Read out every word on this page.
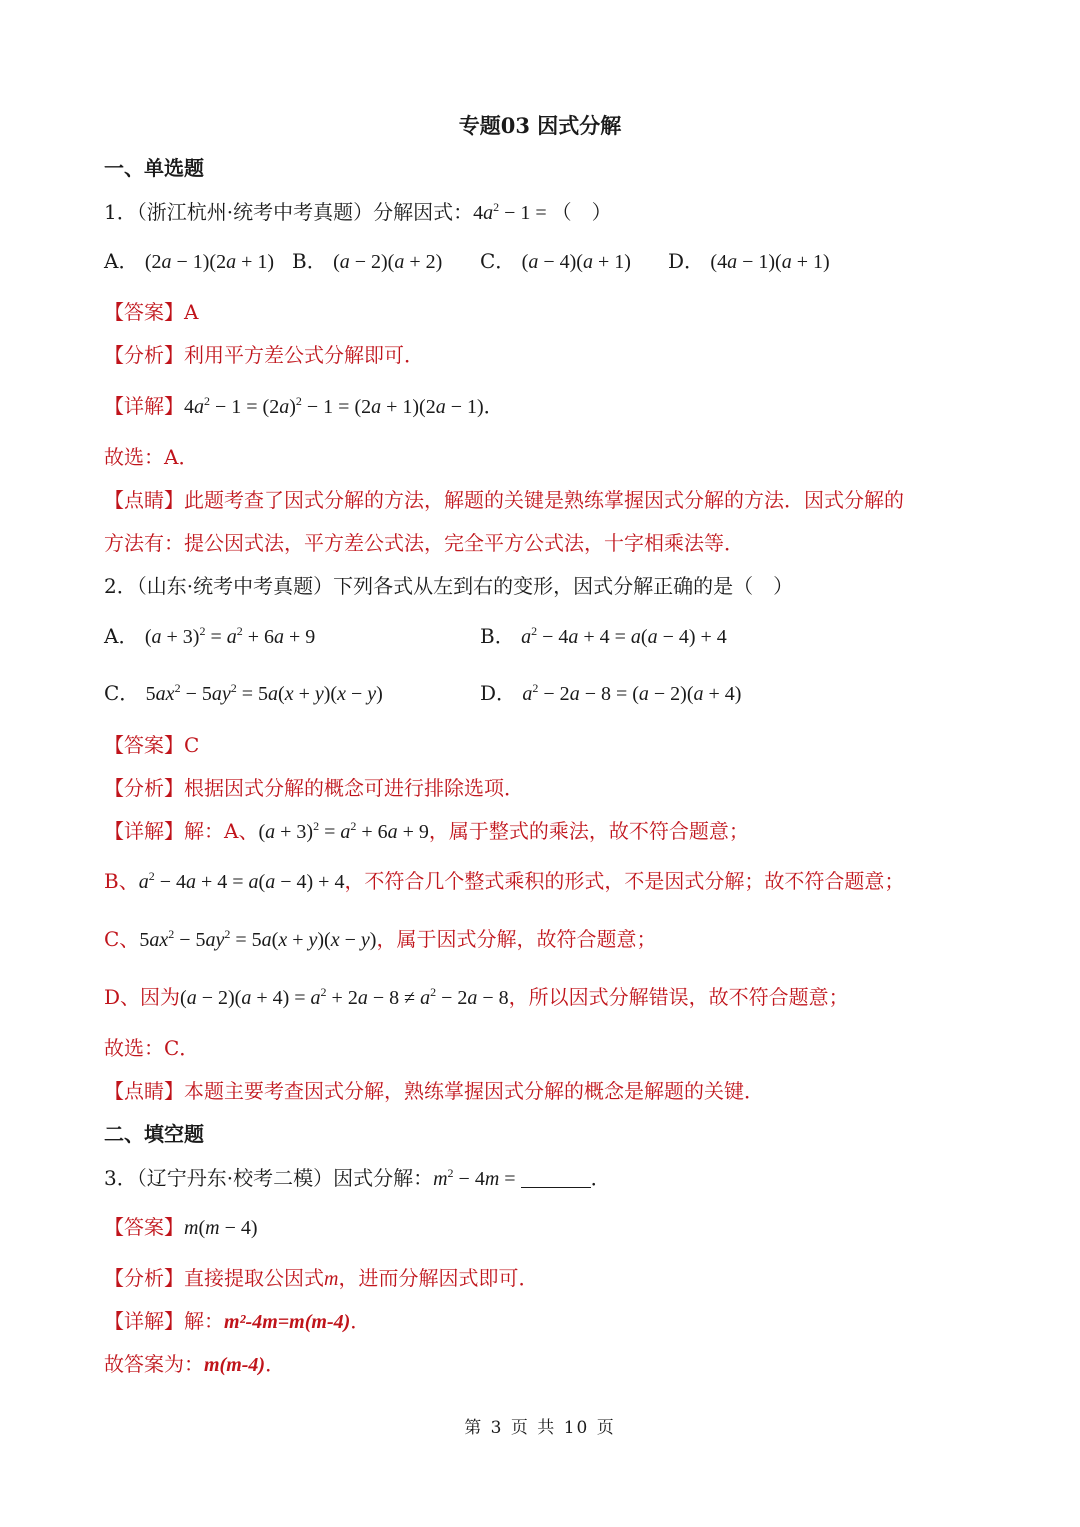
专题03 因式分解
一、单选题
1．（浙江杭州·统考中考真题）分解因式：$4a^2 - 1$ = （　）
A． (2a − 1)(2a + 1) B． (a − 2)(a + 2) C． (a − 4)(a + 1) D． (4a − 1)(a + 1)
【答案】A
【分析】利用平方差公式分解即可．
【详解】$4a^2 - 1 = (2a)^2 - 1 = (2a + 1)(2a - 1)$．
故选：A．
【点睛】此题考查了因式分解的方法，解题的关键是熟练掌握因式分解的方法．因式分解的
方法有：提公因式法，平方差公式法，完全平方公式法，十字相乘法等．
2．（山东·统考中考真题）下列各式从左到右的变形，因式分解正确的是（　）
A． $(a + 3)^2 = a^2 + 6a + 9$	B． $a^2 - 4a + 4 = a(a - 4) + 4$
C． $5ax^2 - 5ay^2 = 5a(x + y)(x - y)$	D． $a^2 - 2a - 8 = (a - 2)(a + 4)$
【答案】C
【分析】根据因式分解的概念可进行排除选项．
【详解】解：A、$(a + 3)^2 = a^2 + 6a + 9$，属于整式的乘法，故不符合题意；
B、$a^2 - 4a + 4 = a(a - 4) + 4$，不符合几个整式乘积的形式，不是因式分解；故不符合题意；
C、$5ax^2 - 5ay^2 = 5a(x + y)(x - y)$，属于因式分解，故符合题意；
D、因为$(a - 2)(a + 4) = a^2 + 2a - 8 \ne a^2 - 2a - 8$，所以因式分解错误，故不符合题意；
故选：C．
【点睛】本题主要考查因式分解，熟练掌握因式分解的概念是解题的关键．
二、填空题
3．（辽宁丹东·校考二模）因式分解：$m^2 - 4m$ =	．
【答案】m(m − 4)
【分析】直接提取公因式m，进而分解因式即可．
【详解】解：m²-4m=m(m-4)．
故答案为：m(m-4)．
第 3 页 共 10 页
